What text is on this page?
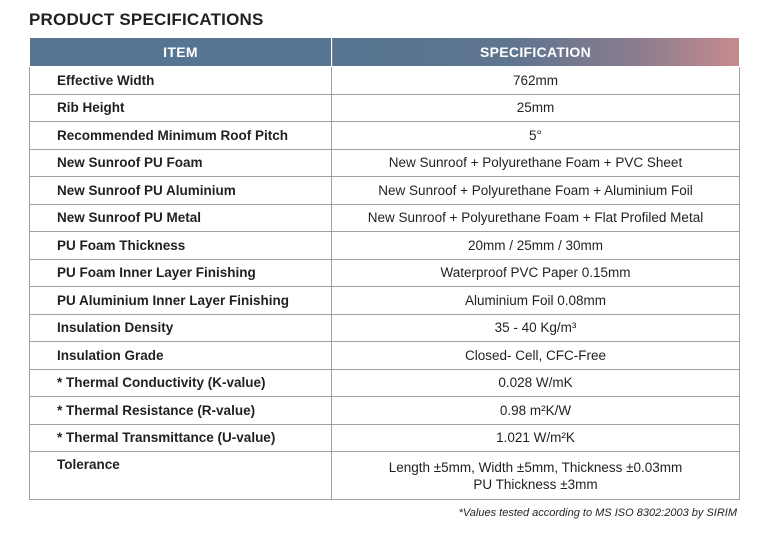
PRODUCT SPECIFICATIONS
ITEM	SPECIFICATION
Effective Width	762mm
Rib Height	25mm
Recommended Minimum Roof Pitch	5°
New Sunroof PU Foam	New Sunroof + Polyurethane Foam + PVC Sheet
New Sunroof PU Aluminium	New Sunroof + Polyurethane Foam + Aluminium Foil
New Sunroof PU Metal	New Sunroof + Polyurethane Foam + Flat Profiled Metal
PU Foam Thickness	20mm / 25mm / 30mm
PU Foam Inner Layer Finishing	Waterproof PVC Paper 0.15mm
PU Aluminium Inner Layer Finishing	Aluminium Foil 0.08mm
Insulation Density	35 - 40 Kg/m³
Insulation Grade	Closed- Cell, CFC-Free
* Thermal Conductivity (K-value)	0.028 W/mK
* Thermal Resistance (R-value)	0.98 m²K/W
* Thermal Transmittance (U-value)	1.021 W/m²K
Tolerance	Length ±5mm, Width ±5mm, Thickness ±0.03mm
PU Thickness ±3mm

*Values tested according to MS ISO 8302:2003 by SIRIM
